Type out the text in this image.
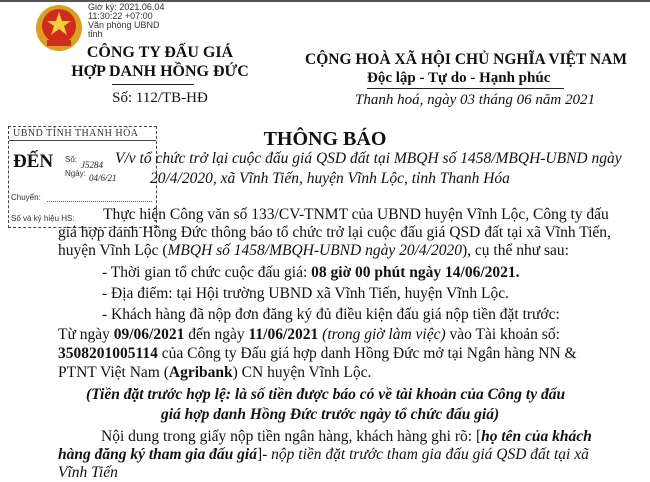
Giờ ký: 2021.06.04
11:30:22 +07:00
Văn phòng UBND
tỉnh
CÔNG TY ĐẤU GIÁ
HỢP DANH HỒNG ĐỨC
Số: 112/TB-HĐ
CỘNG HOÀ XÃ HỘI CHỦ NGHĨA VIỆT NAM
Độc lập - Tự do - Hạnh phúc
Thanh hoá, ngày 03 tháng 06 năm 2021
THÔNG BÁO
UBND TỈNH THANH HÓA
ĐẾN Số:
J5284
Ngày: 04/6/21
Chuyển:
Số và ký hiệu HS:
V/v tổ chức trở lại cuộc đấu giá QSD đất tại MBQH số 1458/MBQH-UBND ngày
20/4/2020, xã Vĩnh Tiến, huyện Vĩnh Lộc, tỉnh Thanh Hóa
Thực hiện Công văn số 133/CV-TNMT của UBND huyện Vĩnh Lộc, Công ty đấu
giá hợp danh Hồng Đức thông báo tổ chức trở lại cuộc đấu giá QSD đất tại xã Vĩnh Tiến,
huyện Vĩnh Lộc (MBQH số 1458/MBQH-UBND ngày 20/4/2020), cụ thể như sau:
- Thời gian tổ chức cuộc đấu giá: 08 giờ 00 phút ngày 14/06/2021.
- Địa điểm: tại Hội trường UBND xã Vĩnh Tiến, huyện Vĩnh Lộc.
- Khách hàng đã nộp đơn đăng ký đủ điều kiện đấu giá nộp tiền đặt trước:
Từ ngày 09/06/2021 đến ngày 11/06/2021 (trong giờ làm việc) vào Tài khoản số:
3508201005114 của Công ty Đấu giá hợp danh Hồng Đức mở tại Ngân hàng NN &
PTNT Việt Nam (Agribank) CN huyện Vĩnh Lộc.
(Tiền đặt trước hợp lệ: là số tiền được báo có về tài khoản của Công ty đấu
giá hợp danh Hồng Đức trước ngày tổ chức đấu giá)
Nội dung trong giấy nộp tiền ngân hàng, khách hàng ghi rõ: [họ tên của khách
hàng đăng ký tham gia đấu giá]- nộp tiền đặt trước tham gia đấu giá QSD đất tại xã
Vĩnh Tiến
